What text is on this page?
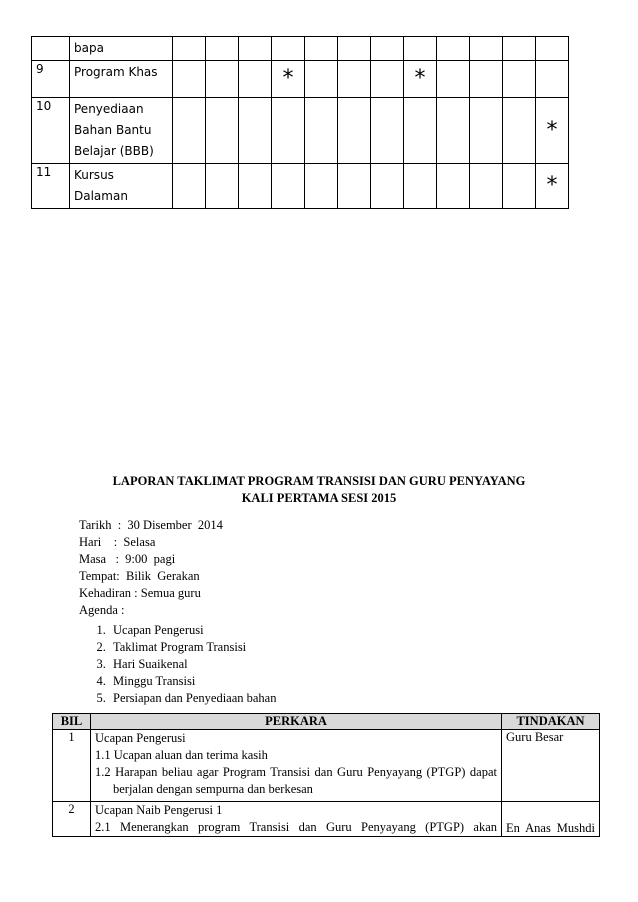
	bapa												
9	Program Khas				*				*				
10	Penyediaan Bahan Bantu Belajar (BBB)												*
11	Kursus Dalaman												*
LAPORAN TAKLIMAT PROGRAM TRANSISI DAN GURU PENYAYANG
KALI PERTAMA SESI 2015
Tarikh  :  30 Disember  2014
Hari    :  Selasa
Masa   :  9:00  pagi
Tempat:  Bilik  Gerakan
Kehadiran : Semua guru
Agenda :
1. Ucapan Pengerusi
2. Taklimat Program Transisi
3. Hari Suaikenal
4. Minggu Transisi
5. Persiapan dan Penyediaan bahan
BIL	PERKARA	TINDAKAN
1	Ucapan Pengerusi
1.1 Ucapan aluan dan terima kasih
1.2 Harapan beliau agar Program Transisi dan Guru Penyayang (PTGP) dapat berjalan dengan sempurna dan berkesan	Guru Besar
2	Ucapan Naib Pengerusi 1
2.1 Menerangkan program Transisi dan Guru Penyayang (PTGP) akan	En Anas Mushdi
